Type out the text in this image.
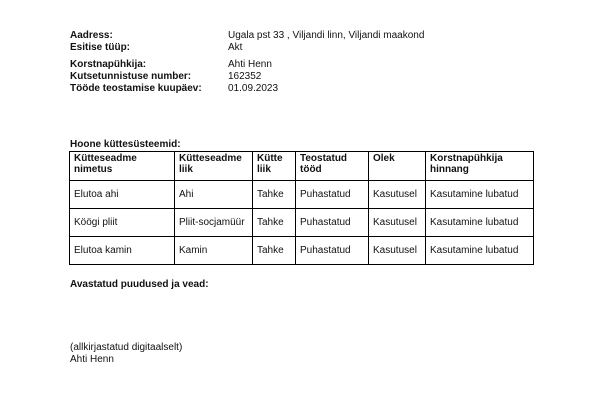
Aadress:	Ugala pst 33 , Viljandi linn, Viljandi maakond
Esitise tüüp:	Akt
Korstnapühkija:	Ahti Henn
Kutsetunnistuse number:	162352
Tööde teostamise kuupäev:	01.09.2023
Hoone küttesüsteemid:
Kütteseadme nimetus	Kütteseadme liik	Kütte liik	Teostatud tööd	Olek	Korstnapühkija hinnang
Elutoa ahi	Ahi	Tahke	Puhastatud	Kasutusel	Kasutamine lubatud
Köögi pliit	Pliit-socjamüür	Tahke	Puhastatud	Kasutusel	Kasutamine lubatud
Elutoa kamin	Kamin	Tahke	Puhastatud	Kasutusel	Kasutamine lubatud
Avastatud puudused ja vead:
(allkirjastatud digitaalselt)
Ahti Henn
